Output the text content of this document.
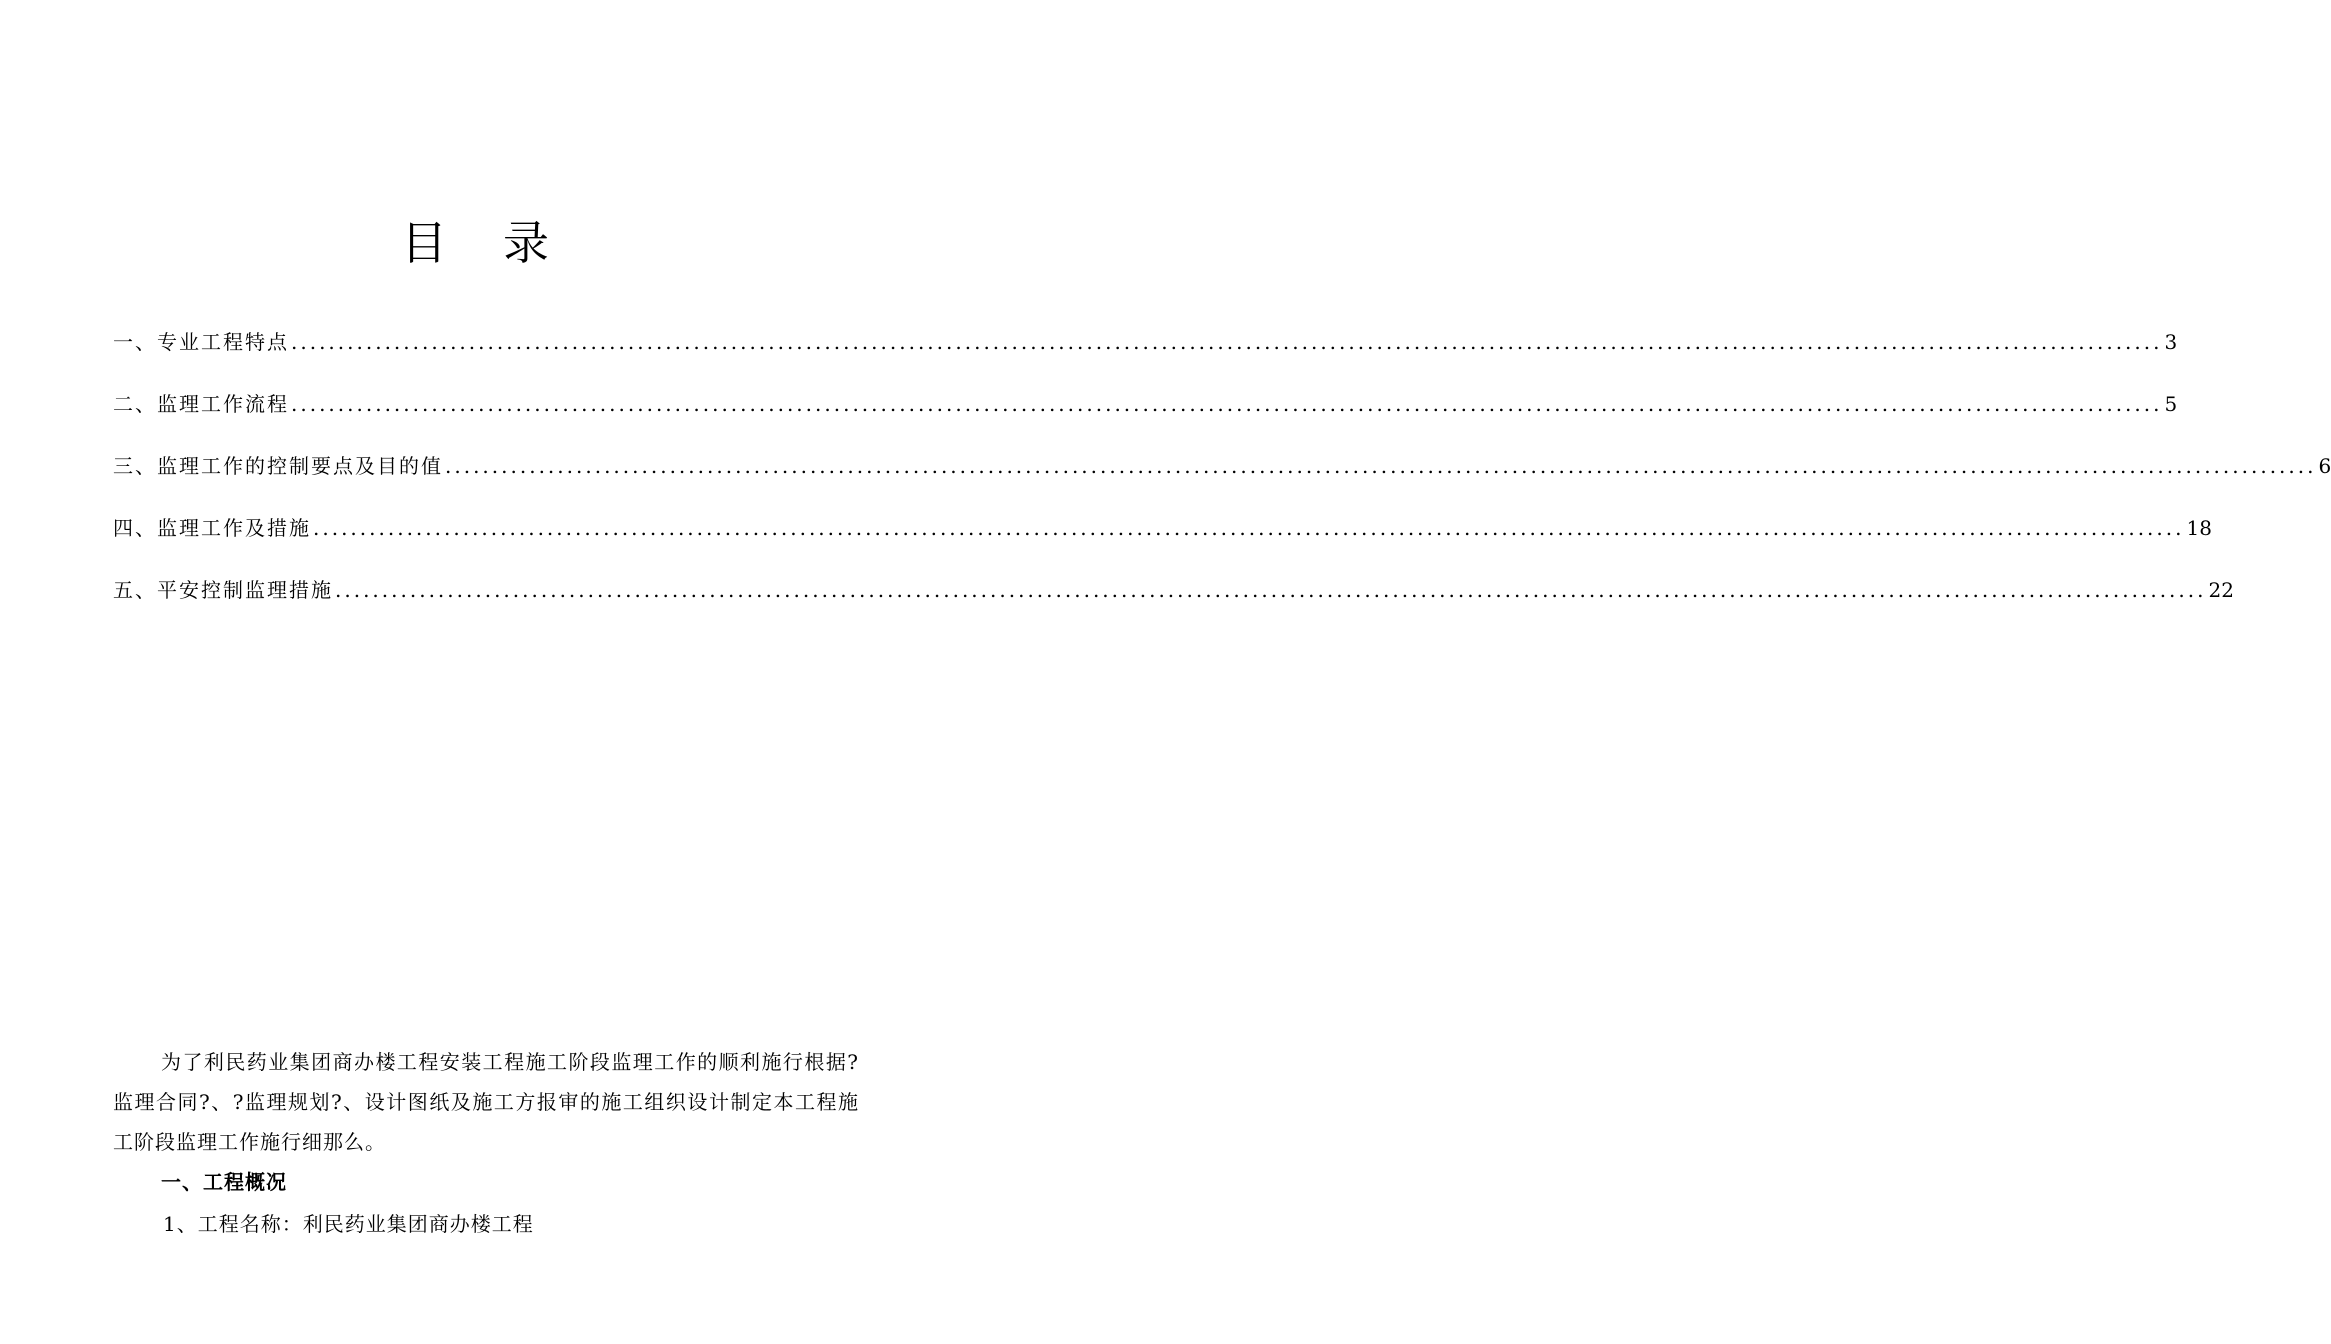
目 录
一、专业工程特点 ........................................................................................................................................................................................................ 3
二、监理工作流程 ........................................................................................................................................................................................................ 5
三、监理工作的控制要点及目的值 ........................................................................................................................................................................................................ 6
四、监理工作及措施 ........................................................................................................................................................................................................ 18
五、平安控制监理措施 ........................................................................................................................................................................................................ 22

为了利民药业集团商办楼工程安装工程施工阶段监理工作的顺利施行根据?监理合同?、?监理规划?、设计图纸及施工方报审的施工组织设计制定本工程施工阶段监理工作施行细那么。

一、工程概况

1、工程名称：利民药业集团商办楼工程
